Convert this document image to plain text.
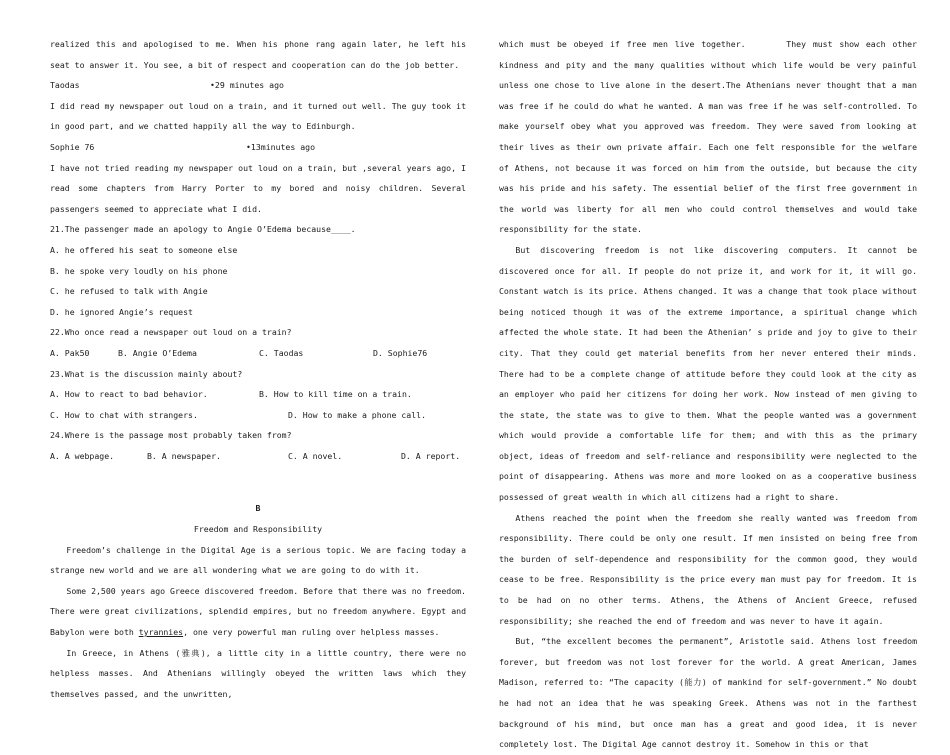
realized this and apologised to me. When his phone rang again later, he left his seat to answer it. You see, a bit of respect and cooperation can do the job better.

Taodas	•29 minutes ago

I did read my newspaper out loud on a train, and it turned out well. The guy took it in good part, and we chatted happily all the way to Edinburgh.

Sophie 76	•13minutes ago

I have not tried reading my newspaper out loud on a train, but ,several years ago, I read some chapters from Harry Porter to my bored and noisy children. Several passengers seemed to appreciate what I did.

21.The passenger made an apology to Angie O’Edema because____.

A. he offered his seat to someone else

B. he spoke very loudly on his phone

C. he refused to talk with Angie

D. he ignored Angie’s request

22.Who once read a newspaper out loud on a train?

A. Pak50	B. Angie O’Edema	C. Taodas	D. Sophie76

23.What is the discussion mainly about?

A. How to react to bad behavior.	B. How to kill time on a train.
C. How to chat with strangers.	D. How to make a phone call.

24.Where is the passage most probably taken from?

A. A webpage.	B. A newspaper.	C. A novel.	D. A report.

B

Freedom and Responsibility

Freedom’s challenge in the Digital Age is a serious topic. We are facing today a strange new world and we are all wondering what we are going to do with it.

Some 2,500 years ago Greece discovered freedom. Before that there was no freedom. There were great civilizations, splendid empires, but no freedom anywhere. Egypt and Babylon were both tyrannies, one very powerful man ruling over helpless masses.

In Greece, in Athens (雅典), a little city in a little country, there were no helpless masses. And Athenians willingly obeyed the written laws which they themselves passed, and the unwritten,

which must be obeyed if free men live together.      They must show each other kindness and pity and the many qualities without which life would be very painful unless one chose to live alone in the desert.The Athenians never thought that a man was free if he could do what he wanted. A man was free if he was self-controlled. To make yourself obey what you approved was freedom. They were saved from looking at their lives as their own private affair. Each one felt responsible for the welfare of Athens, not because it was forced on him from the outside, but because the city was his pride and his safety. The essential belief of the first free government in the world was liberty for all men who could control themselves and would take responsibility for the state.

But discovering freedom is not like discovering computers. It cannot be discovered once for all. If people do not prize it, and work for it, it will go. Constant watch is its price. Athens changed. It was a change that took place without being noticed though it was of the extreme importance, a spiritual change which affected the whole state. It had been the Athenian’ s pride and joy to give to their city. That they could get material benefits from her never entered their minds. There had to be a complete change of attitude before they could look at the city as an employer who paid her citizens for doing her work. Now instead of men giving to the state, the state was to give to them. What the people wanted was a government which would provide a comfortable life for them; and with this as the primary object, ideas of freedom and self-reliance and responsibility were neglected to the point of disappearing. Athens was more and more looked on as a cooperative business possessed of great wealth in which all citizens had a right to share.

Athens reached the point when the freedom she really wanted was freedom from responsibility. There could be only one result. If men insisted on being free from the burden of self-dependence and responsibility for the common good, they would cease to be free. Responsibility is the price every man must pay for freedom. It is to be had on no other terms. Athens, the Athens of Ancient Greece, refused responsibility; she reached the end of freedom and was never to have it again.

But, “the excellent becomes the permanent”, Aristotle said. Athens lost freedom forever, but freedom was not lost forever for the world. A great American, James Madison, referred to: “The capacity (能力) of mankind for self-government.” No doubt he had not an idea that he was speaking Greek. Athens was not in the farthest background of his mind, but once man has a great and good idea, it is never completely lost. The Digital Age cannot destroy it. Somehow in this or that
